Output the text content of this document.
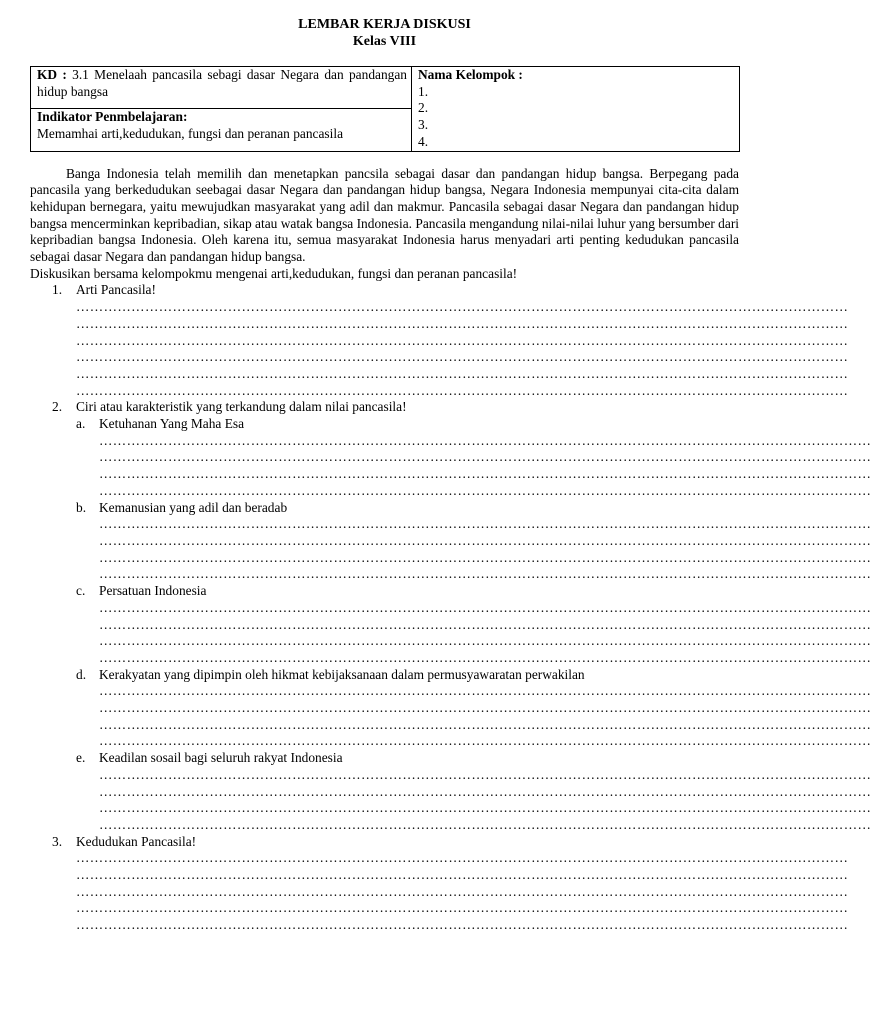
LEMBAR KERJA DISKUSI
Kelas VIII
KD : 3.1 Menelaah pancasila sebagi dasar Negara dan pandangan hidup bangsa	
Nama Kelompok :
1.
2.
3.
4.

Indikator Penmbelajaran:
Memamhai arti,kedudukan, fungsi dan peranan pancasila
Banga Indonesia telah memilih dan menetapkan pancsila sebagai dasar dan pandangan hidup bangsa. Berpegang pada pancasila yang berkedudukan seebagai dasar Negara dan pandangan hidup bangsa, Negara Indonesia mempunyai cita-cita dalam kehidupan bernegara, yaitu mewujudkan masyarakat yang adil dan makmur. Pancasila sebagai dasar Negara dan pandangan hidup bangsa mencerminkan kepribadian, sikap atau watak bangsa Indonesia. Pancasila mengandung nilai-nilai luhur yang bersumber dari kepribadian bangsa Indonesia. Oleh karena itu, semua masyarakat Indonesia harus menyadari arti penting kedudukan pancasila sebagai dasar Negara dan pandangan hidup bangsa.
Diskusikan bersama kelompokmu mengenai arti,kedudukan, fungsi dan peranan pancasila!
1. Arti Pancasila!
……………………………………………………………………………………………………………………………………………………
……………………………………………………………………………………………………………………………………………………
……………………………………………………………………………………………………………………………………………………
……………………………………………………………………………………………………………………………………………………
……………………………………………………………………………………………………………………………………………………
……………………………………………………………………………………………………………………………………………………
2. Ciri atau karakteristik yang terkandung dalam nilai pancasila!
a. Ketuhanan Yang Maha Esa
……………………………………………………………………………………………………………………………………………………
……………………………………………………………………………………………………………………………………………………
……………………………………………………………………………………………………………………………………………………
……………………………………………………………………………………………………………………………………………………
b. Kemanusian yang adil dan beradab
……………………………………………………………………………………………………………………………………………………
……………………………………………………………………………………………………………………………………………………
……………………………………………………………………………………………………………………………………………………
……………………………………………………………………………………………………………………………………………………
c. Persatuan Indonesia
……………………………………………………………………………………………………………………………………………………
……………………………………………………………………………………………………………………………………………………
……………………………………………………………………………………………………………………………………………………
……………………………………………………………………………………………………………………………………………………
d. Kerakyatan yang dipimpin oleh hikmat kebijaksanaan dalam permusyawaratan perwakilan
……………………………………………………………………………………………………………………………………………………
……………………………………………………………………………………………………………………………………………………
……………………………………………………………………………………………………………………………………………………
……………………………………………………………………………………………………………………………………………………
e. Keadilan sosail bagi seluruh rakyat Indonesia
……………………………………………………………………………………………………………………………………………………
……………………………………………………………………………………………………………………………………………………
……………………………………………………………………………………………………………………………………………………
……………………………………………………………………………………………………………………………………………………
3. Kedudukan Pancasila!
……………………………………………………………………………………………………………………………………………………
……………………………………………………………………………………………………………………………………………………
……………………………………………………………………………………………………………………………………………………
……………………………………………………………………………………………………………………………………………………
……………………………………………………………………………………………………………………………………………………
